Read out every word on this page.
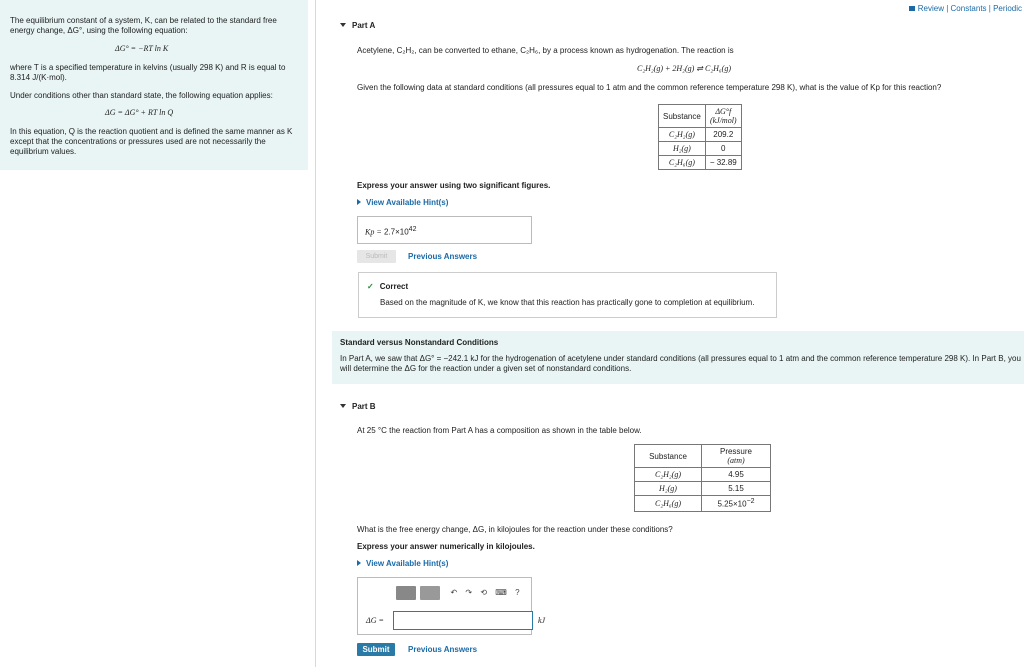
Review | Constants | Periodic
The equilibrium constant of a system, K, can be related to the standard free energy change, ΔG°, using the following equation:
ΔG° = −RT ln K
where T is a specified temperature in kelvins (usually 298 K) and R is equal to 8.314 J/(K·mol).
Under conditions other than standard state, the following equation applies:
ΔG = ΔG° + RT ln Q
In this equation, Q is the reaction quotient and is defined the same manner as K except that the concentrations or pressures used are not necessarily the equilibrium values.
Part A
Acetylene, C₂H₂, can be converted to ethane, C₂H₆, by a process known as hydrogenation. The reaction is
C₂H₂(g) + 2H₂(g) ⇌ C₂H₆(g)
Given the following data at standard conditions (all pressures equal to 1 atm and the common reference temperature 298 K), what is the value of Kp for this reaction?
Substance	ΔG°f
(kJ/mol)

C₂H₂(g)	209.2
H₂(g)	0
C₂H₆(g)	− 32.89
Express your answer using two significant figures.
View Available Hint(s)
$Kp = 2.7\times 10^{42}$
Submit	Previous Answers
✓ Correct
Based on the magnitude of K, we know that this reaction has practically gone to completion at equilibrium.
Standard versus Nonstandard Conditions
In Part A, we saw that ΔG° = −242.1 kJ for the hydrogenation of acetylene under standard conditions (all pressures equal to 1 atm and the common reference temperature 298 K). In Part B, you will determine the ΔG for the reaction under a given set of nonstandard conditions.
Part B
At 25 °C the reaction from Part A has a composition as shown in the table below.
Substance	Pressure
(atm)

C₂H₂(g)	4.95
H₂(g)	5.15
C₂H₆(g)	$5.25\times 10^{-2}$
What is the free energy change, ΔG, in kilojoules for the reaction under these conditions?
Express your answer numerically in kilojoules.
View Available Hint(s)
↶ ↷ ⟲ ⌨ ?
ΔG =	kJ
Submit	Previous Answers
